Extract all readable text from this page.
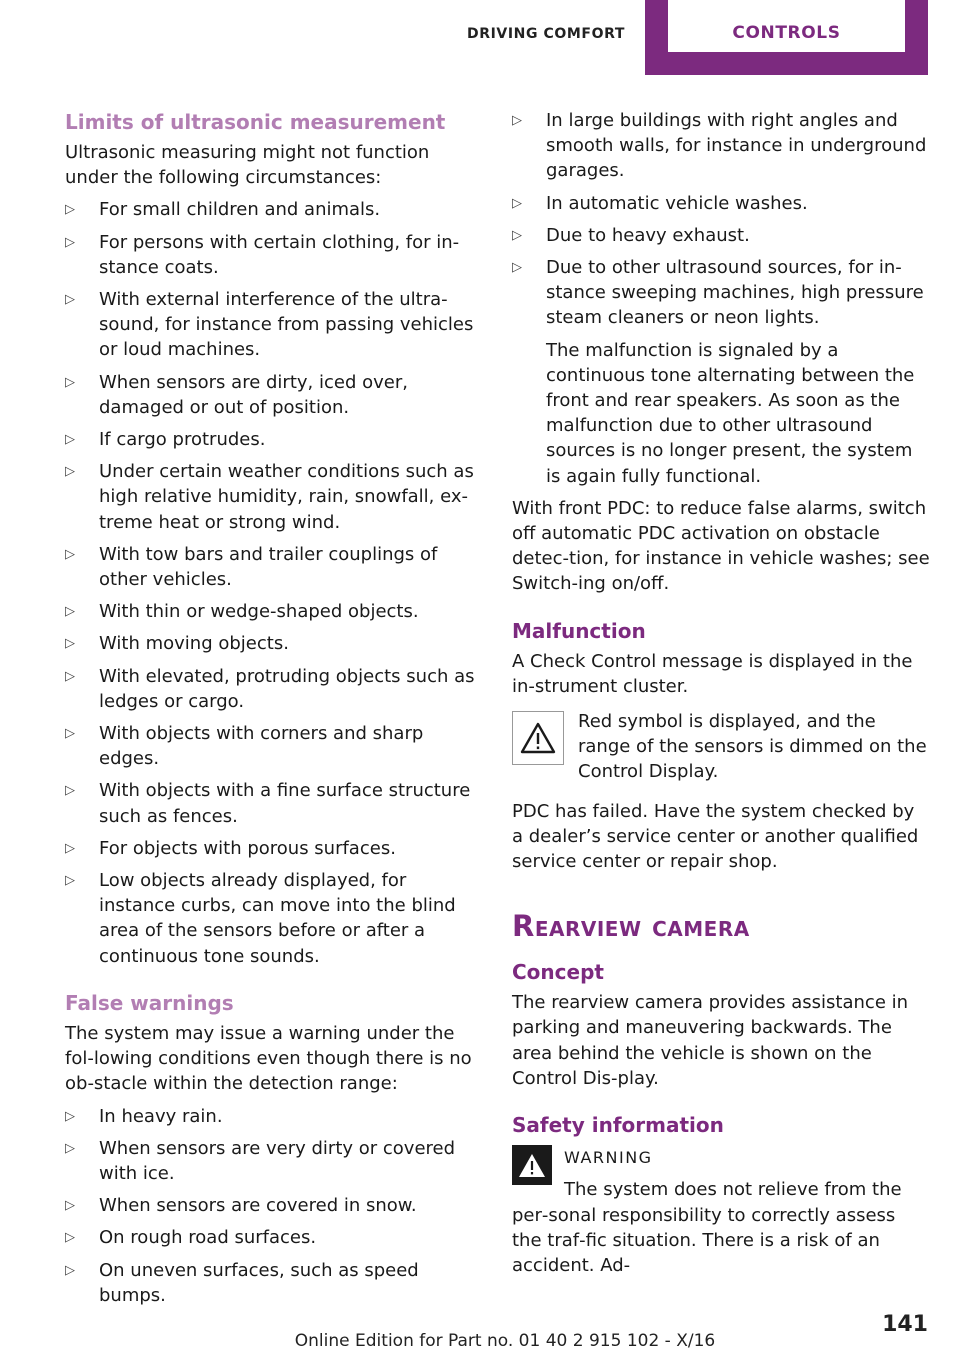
DRIVING COMFORT	CONTROLS
Limits of ultrasonic measurement

Ultrasonic measuring might not function under the following circumstances:

▷ For small children and animals.
▷ For persons with certain clothing, for in‐stance coats.
▷ With external interference of the ultra‐sound, for instance from passing vehicles or loud machines.
▷ When sensors are dirty, iced over, damaged or out of position.
▷ If cargo protrudes.
▷ Under certain weather conditions such as high relative humidity, rain, snowfall, ex‐treme heat or strong wind.
▷ With tow bars and trailer couplings of other vehicles.
▷ With thin or wedge-shaped objects.
▷ With moving objects.
▷ With elevated, protruding objects such as ledges or cargo.
▷ With objects with corners and sharp edges.
▷ With objects with a fine surface structure such as fences.
▷ For objects with porous surfaces.
▷ Low objects already displayed, for instance curbs, can move into the blind area of the sensors before or after a continuous tone sounds.
False warnings

The system may issue a warning under the fol‐lowing conditions even though there is no ob‐stacle within the detection range:

▷ In heavy rain.
▷ When sensors are very dirty or covered with ice.
▷ When sensors are covered in snow.
▷ On rough road surfaces.
▷ On uneven surfaces, such as speed bumps.
▷ In large buildings with right angles and smooth walls, for instance in underground garages.
▷ In automatic vehicle washes.
▷ Due to heavy exhaust.
▷ Due to other ultrasound sources, for in‐stance sweeping machines, high pressure steam cleaners or neon lights.

The malfunction is signaled by a continuous tone alternating between the front and rear speakers. As soon as the malfunction due to other ultrasound sources is no longer present, the system is again fully functional.

With front PDC: to reduce false alarms, switch off automatic PDC activation on obstacle detec‐tion, for instance in vehicle washes; see Switch‐ing on/off.

Malfunction

A Check Control message is displayed in the in‐strument cluster.

Red symbol is displayed, and the range of the sensors is dimmed on the Control Display.

PDC has failed. Have the system checked by a dealer’s service center or another qualified service center or repair shop.

Rearview camera
Concept

The rearview camera provides assistance in parking and maneuvering backwards. The area behind the vehicle is shown on the Control Dis‐play.

Safety information
WARNING
The system does not relieve from the per‐sonal responsibility to correctly assess the traf‐fic situation. There is a risk of an accident. Ad‐
141
Online Edition for Part no. 01 40 2 915 102 - X/16
